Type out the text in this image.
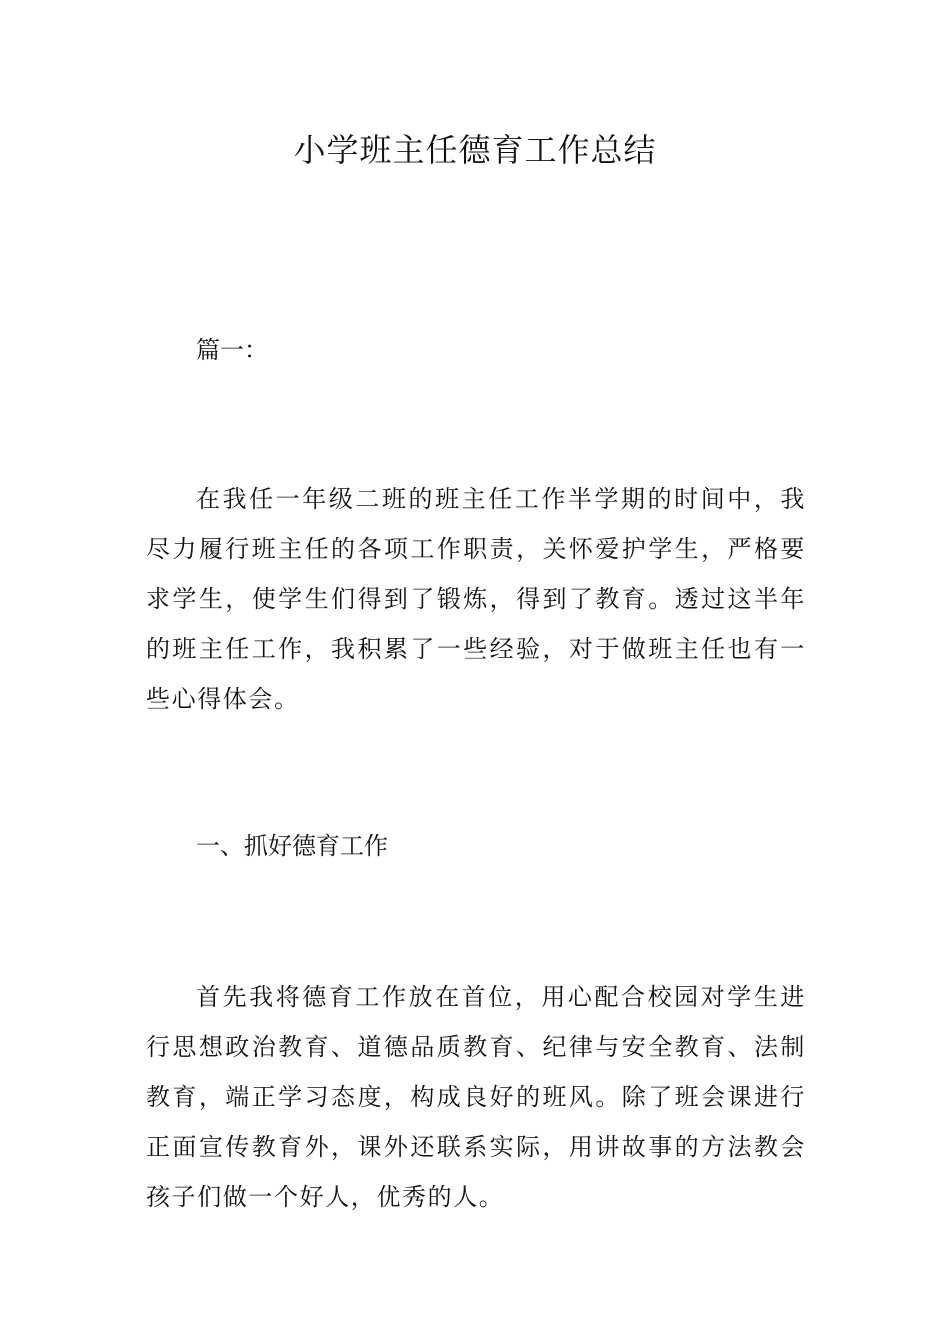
小学班主任德育工作总结

篇一：

在我任一年级二班的班主任工作半学期的时间中，我尽力履行班主任的各项工作职责，关怀爱护学生，严格要求学生，使学生们得到了锻炼，得到了教育。透过这半年的班主任工作，我积累了一些经验，对于做班主任也有一些心得体会。

一、抓好德育工作

首先我将德育工作放在首位，用心配合校园对学生进行思想政治教育、道德品质教育、纪律与安全教育、法制教育，端正学习态度，构成良好的班风。除了班会课进行正面宣传教育外，课外还联系实际，用讲故事的方法教会孩子们做一个好人，优秀的人。
